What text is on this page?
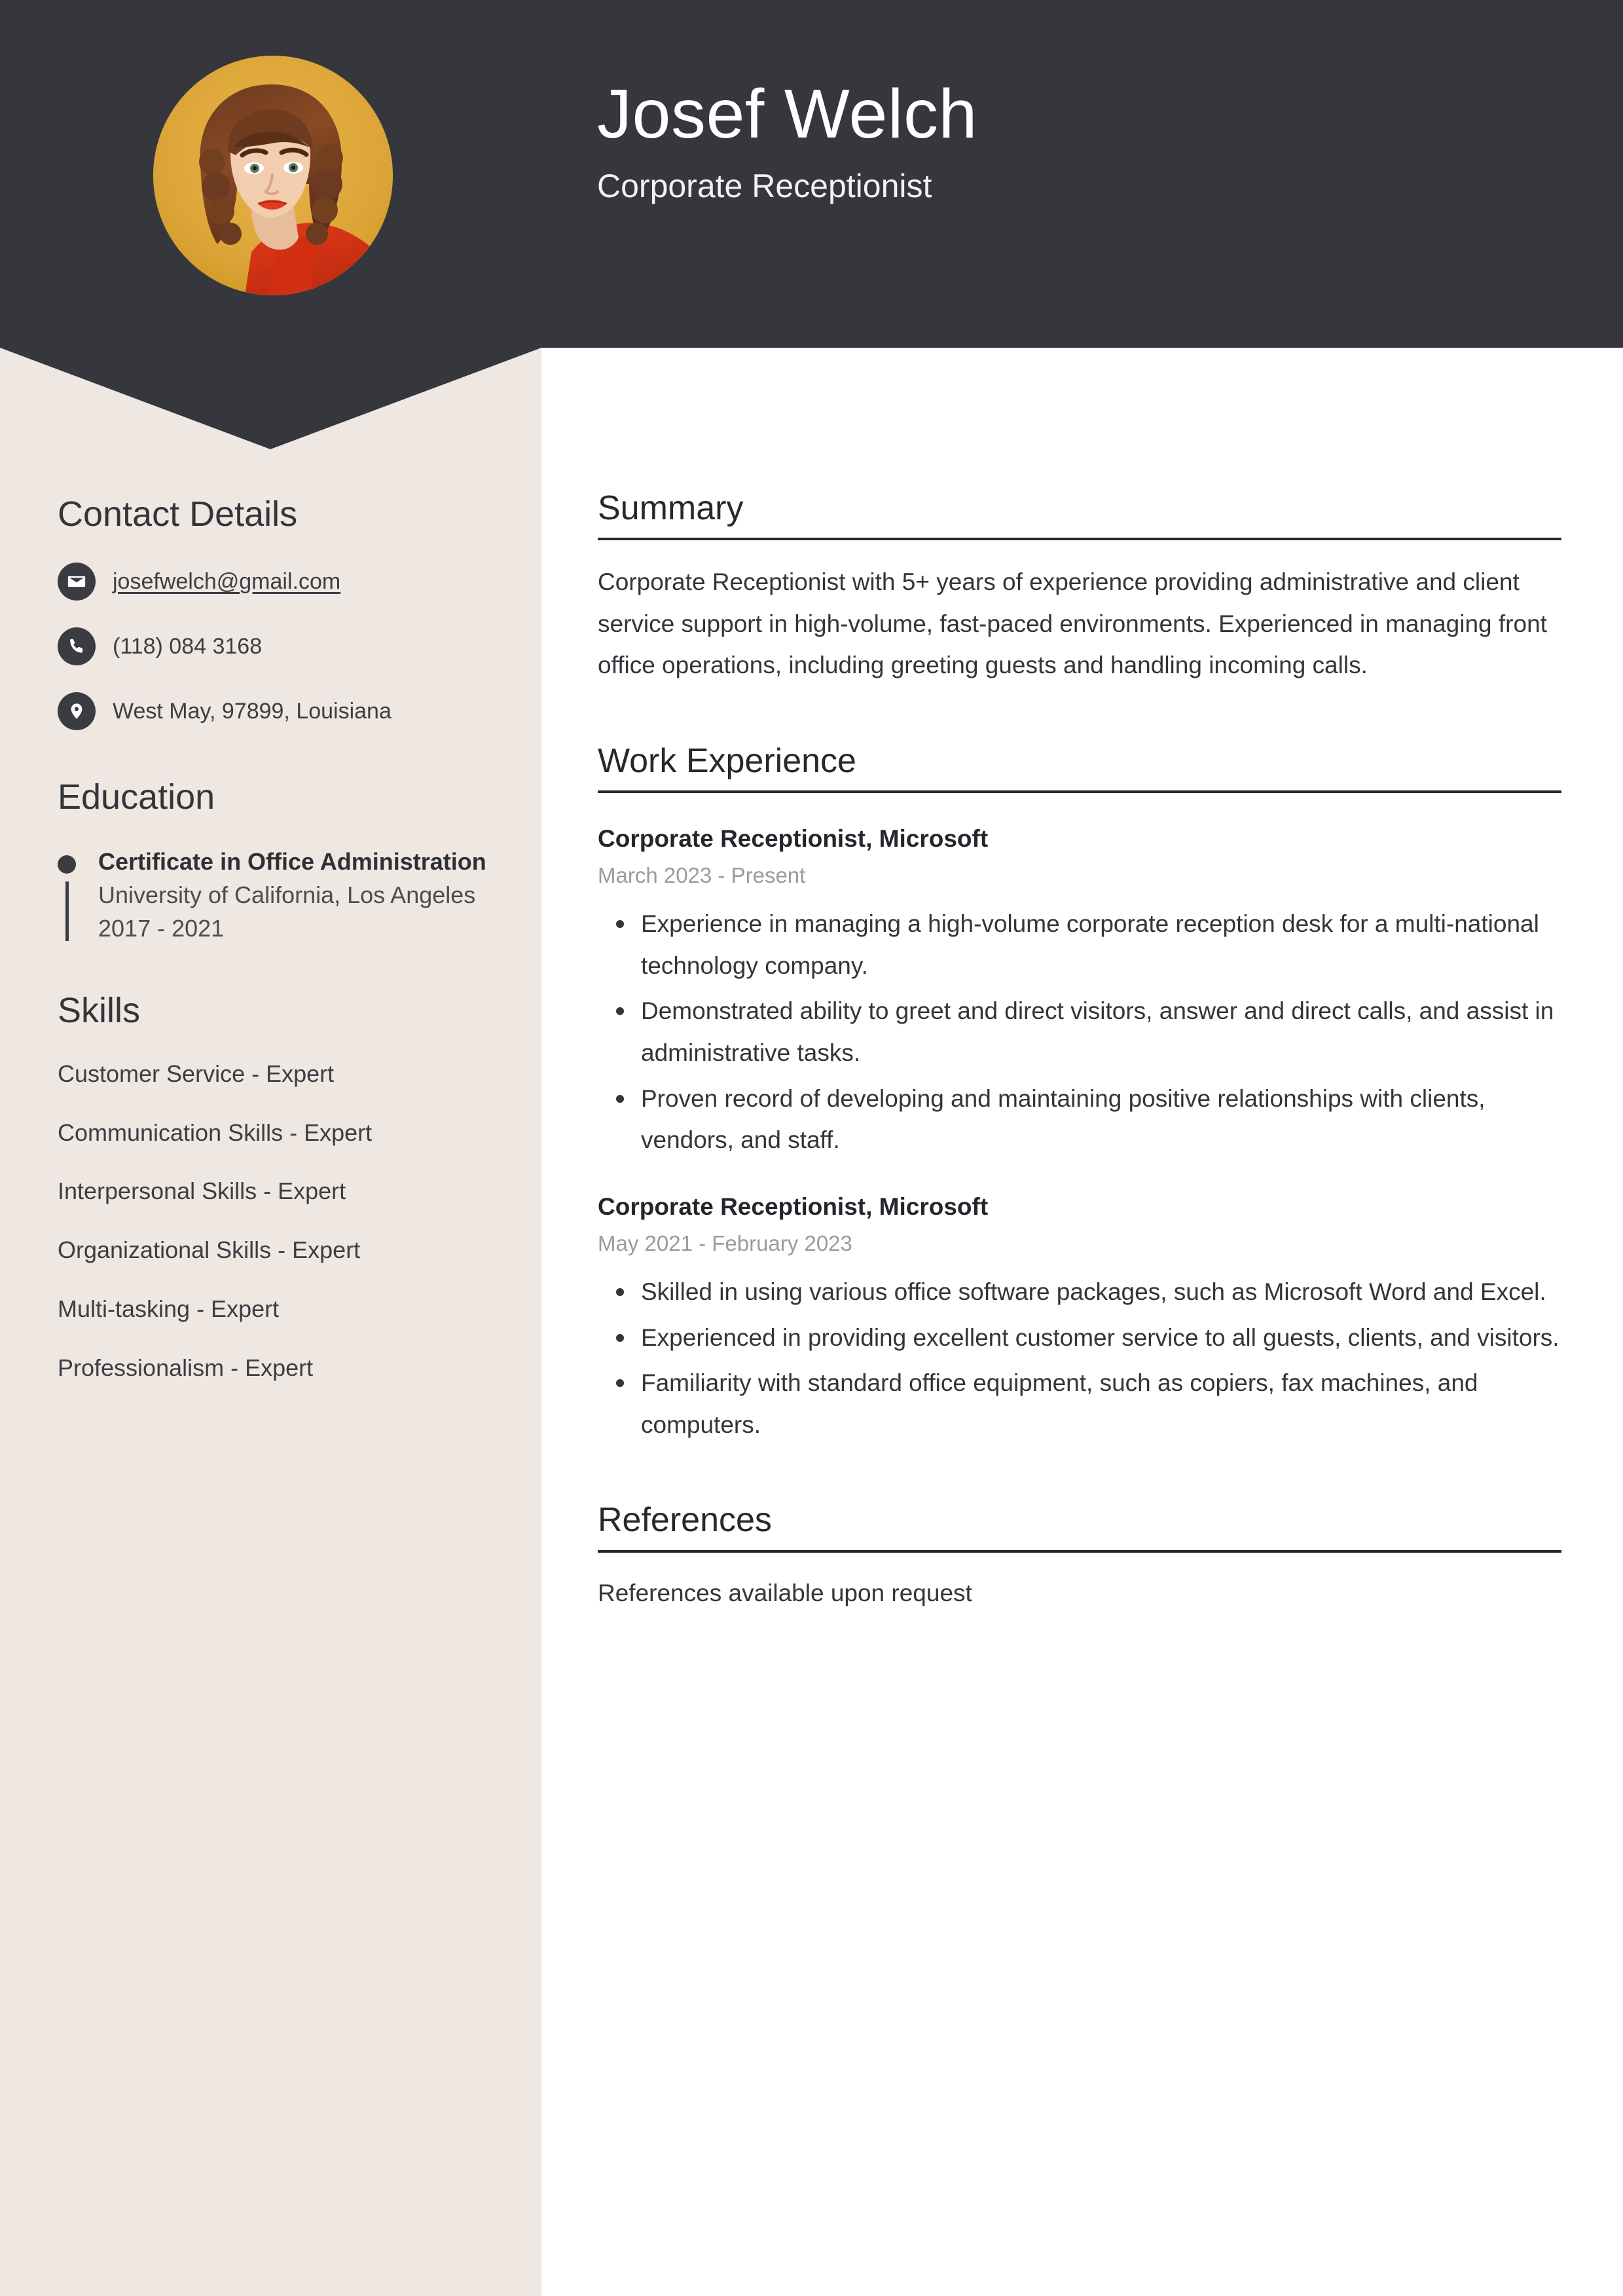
Josef Welch
Corporate Receptionist
Contact Details
josefwelch@gmail.com
(118) 084 3168
West May, 97899, Louisiana
Education
Certificate in Office Administration
University of California, Los Angeles
2017 - 2021
Skills
Customer Service - Expert
Communication Skills - Expert
Interpersonal Skills - Expert
Organizational Skills - Expert
Multi-tasking - Expert
Professionalism - Expert
Summary
Corporate Receptionist with 5+ years of experience providing administrative and client service support in high-volume, fast-paced environments. Experienced in managing front office operations, including greeting guests and handling incoming calls.
Work Experience
Corporate Receptionist, Microsoft
March 2023 - Present
Experience in managing a high-volume corporate reception desk for a multi-national technology company.
Demonstrated ability to greet and direct visitors, answer and direct calls, and assist in administrative tasks.
Proven record of developing and maintaining positive relationships with clients, vendors, and staff.
Corporate Receptionist, Microsoft
May 2021 - February 2023
Skilled in using various office software packages, such as Microsoft Word and Excel.
Experienced in providing excellent customer service to all guests, clients, and visitors.
Familiarity with standard office equipment, such as copiers, fax machines, and computers.
References
References available upon request
